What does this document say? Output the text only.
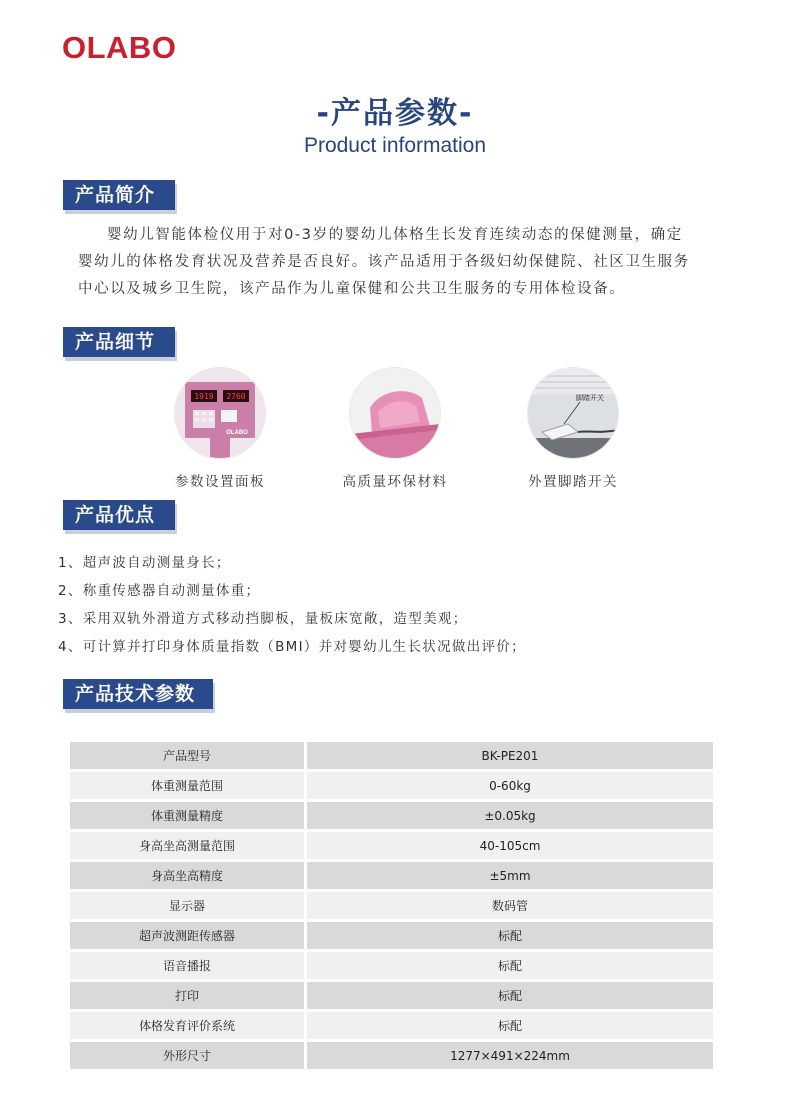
OLABO
-产品参数-
Product information
产品简介

婴幼儿智能体检仪用于对0-3岁的婴幼儿体格生长发育连续动态的保健测量，确定

婴幼儿的体格发育状况及营养是否良好。该产品适用于各级妇幼保健院、社区卫生服务

中心以及城乡卫生院，该产品作为儿童保健和公共卫生服务的专用体检设备。

产品细节
1919 2760
OLABO
参数设置面板	高质量环保材料
脚踏开关
外置脚踏开关
产品优点
1、超声波自动测量身长；
2、称重传感器自动测量体重；
3、采用双轨外滑道方式移动挡脚板，量板床宽敞，造型美观；
4、可计算并打印身体质量指数（BMI）并对婴幼儿生长状况做出评价；
产品技术参数
产品型号		BK-PE201
体重测量范围		0-60kg
体重测量精度		±0.05kg
身高坐高测量范围		40-105cm
身高坐高精度		±5mm
显示器		数码管
超声波测距传感器		标配
语音播报		标配
打印		标配
体格发育评价系统		标配
外形尺寸		1277×491×224mm
